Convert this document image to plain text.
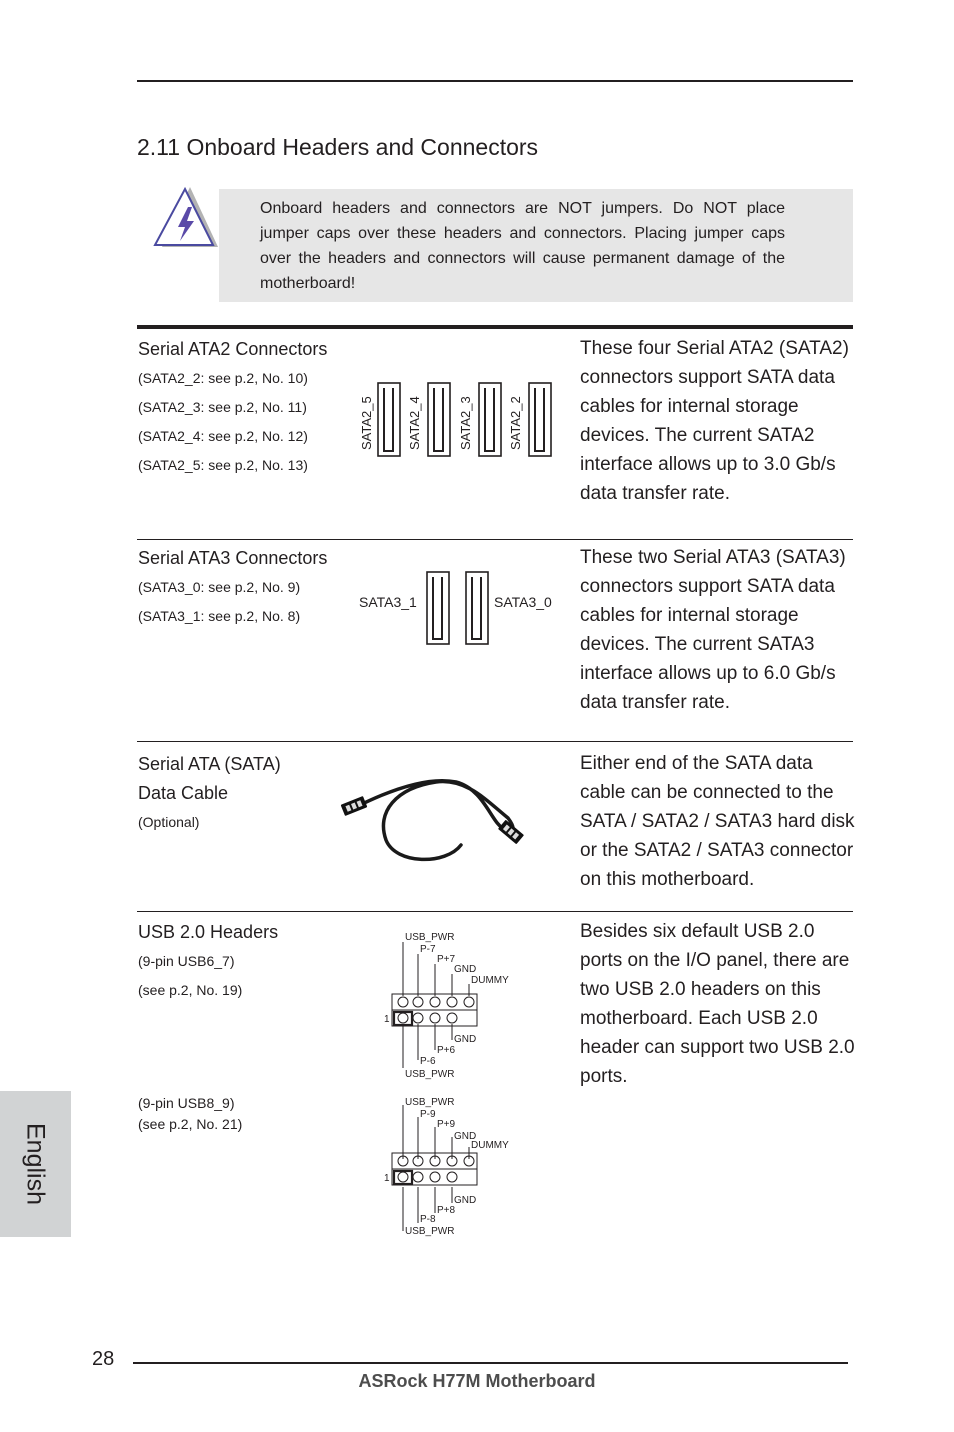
2.11 Onboard Headers and Connectors
Onboard headers and connectors are NOT jumpers. Do NOT place jumper caps over these headers and connectors. Placing jumper caps over the headers and connectors will cause permanent damage of the motherboard!
Serial ATA2 Connectors
(SATA2_2: see p.2, No. 10)
(SATA2_3: see p.2, No. 11)
(SATA2_4: see p.2, No. 12)
(SATA2_5: see p.2, No. 13)
SATA2_5	SATA2_4	SATA2_3	SATA2_2
These four Serial ATA2 (SATA2) connectors support SATA data cables for internal storage devices. The current SATA2 interface allows up to 3.0 Gb/s data transfer rate.
Serial ATA3 Connectors
(SATA3_0: see p.2, No. 9)
(SATA3_1: see p.2, No. 8)
SATA3_1	SATA3_0
These two Serial ATA3 (SATA3) connectors support SATA data cables for internal storage devices. The current SATA3 interface allows up to 6.0 Gb/s data transfer rate.
Serial ATA (SATA)
Data Cable
(Optional)
Either end of the SATA data cable can be connected to the SATA / SATA2 / SATA3 hard disk or the SATA2 / SATA3 connector on this motherboard.
USB 2.0 Headers
(9-pin USB6_7)
(see p.2, No. 19)
(9-pin USB8_9)
(see p.2, No. 21)
USB_PWR
P-7
P+7
GND
DUMMY
1
GND
P+6
P-6
USB_PWR
USB_PWR
P-9
P+9
GND
DUMMY
1
GND
P+8
P-8
USB_PWR
Besides six default USB 2.0 ports on the I/O panel, there are two USB 2.0 headers on this motherboard. Each USB 2.0 header can support two USB 2.0 ports.
English
28
ASRock H77M Motherboard
